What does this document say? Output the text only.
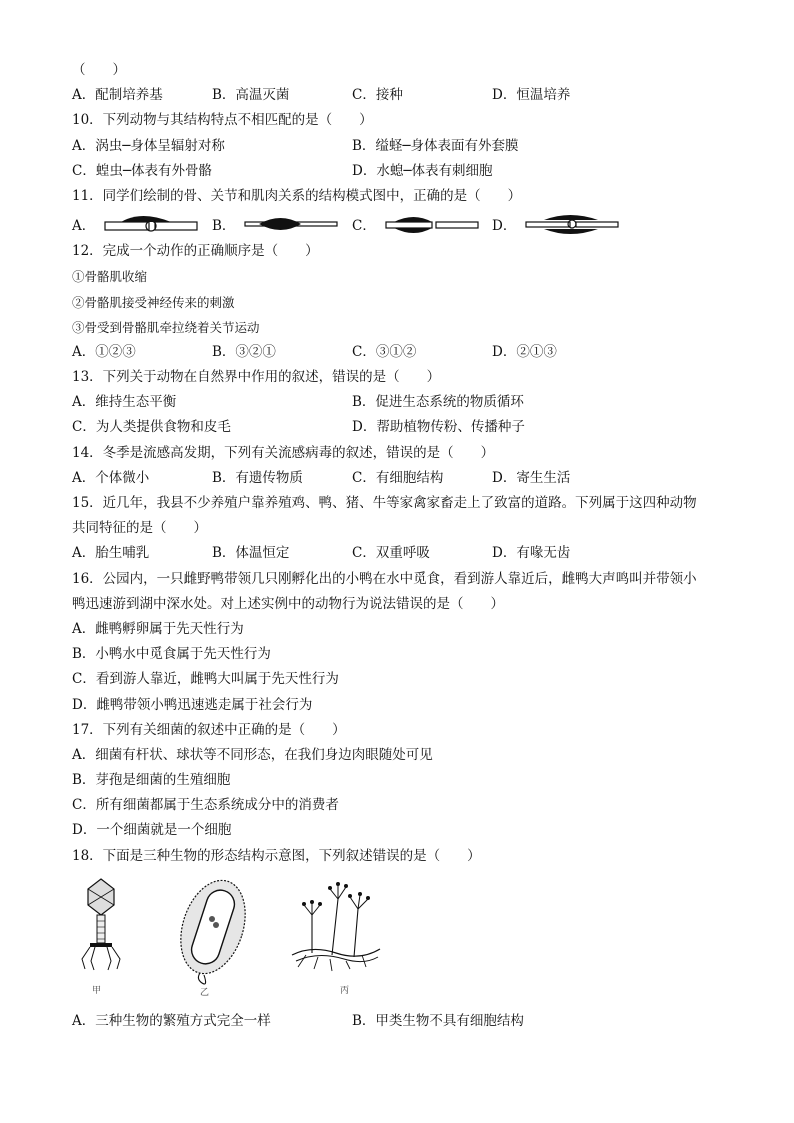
（　　）
A．配制培养基	B．高温灭菌	C．接种	D．恒温培养
10．下列动物与其结构特点不相匹配的是（　　）
A．涡虫─身体呈辐射对称	B．缢蛏─身体表面有外套膜
C．蝗虫─体表有外骨骼	D．水螅─体表有刺细胞
11．同学们绘制的骨、关节和肌肉关系的结构模式图中，正确的是（　　）
A．	B．	C．	D．
12．完成一个动作的正确顺序是（　　）
①骨骼肌收缩
②骨骼肌接受神经传来的刺激
③骨受到骨骼肌牵拉绕着关节运动
A．①②③	B．③②①	C．③①②	D．②①③
13．下列关于动物在自然界中作用的叙述，错误的是（　　）
A．维持生态平衡	B．促进生态系统的物质循环
C．为人类提供食物和皮毛	D．帮助植物传粉、传播种子
14．冬季是流感高发期，下列有关流感病毒的叙述，错误的是（　　）
A．个体微小	B．有遗传物质	C．有细胞结构	D．寄生生活
15．近几年，我县不少养殖户靠养殖鸡、鸭、猪、牛等家禽家畜走上了致富的道路。下列属于这四种动物
共同特征的是（　　）
A．胎生哺乳	B．体温恒定	C．双重呼吸	D．有喙无齿
16．公园内，一只雌野鸭带领几只刚孵化出的小鸭在水中觅食，看到游人靠近后，雌鸭大声鸣叫并带领小
鸭迅速游到湖中深水处。对上述实例中的动物行为说法错误的是（　　）
A．雌鸭孵卵属于先天性行为
B．小鸭水中觅食属于先天性行为
C．看到游人靠近，雌鸭大叫属于先天性行为
D．雌鸭带领小鸭迅速逃走属于社会行为
17．下列有关细菌的叙述中正确的是（　　）
A．细菌有杆状、球状等不同形态，在我们身边肉眼随处可见
B．芽孢是细菌的生殖细胞
C．所有细菌都属于生态系统成分中的消费者
D．一个细菌就是一个细胞
18．下面是三种生物的形态结构示意图，下列叙述错误的是（　　）
甲	乙	丙
A．三种生物的繁殖方式完全一样	B．甲类生物不具有细胞结构
